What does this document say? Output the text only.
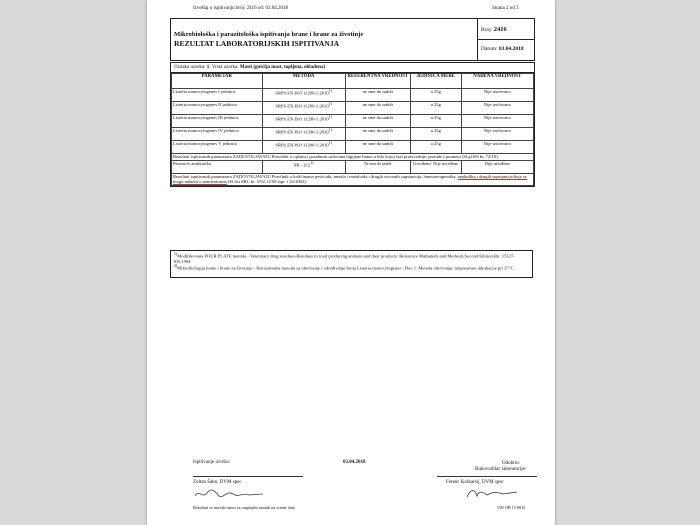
Izveštaj o ispitivanju broj: 2416 od: 03.04.2018	Strana 2 od 3
Mikrobiološka i parazitološka ispitivanja hrane i hrane za životinje
REZULTAT LABORATORIJSKIH ISPITIVANJA
Broj: 2416
Datum: 03.04.2018
Oznaka uzorka: 1; Vrsta uzorka: Masti (guščija mast, topljena, ohlađena)
PARAMETAR	METODA	REFERENTNA VREDNOST	JEDINICA MERE	NAĐENA VREDNOST
Listeria monocytogenes I jedinica	SRPS EN ISO 11290-1:2010$^{1)}$	ne sme da sadrži	u 25g	Nije izolovano
Listeria monocytogenes II jedinica	SRPS EN ISO 11290-1:2010$^{1)}$	ne sme da sadrži	u 25g	Nije izolovano
Listeria monocytogenes III jedinica	SRPS EN ISO 11290-1:2010$^{1)}$	ne sme da sadrži	u 25g	Nije izolovano
Listeria monocytogenes IV jedinica	SRPS EN ISO 11290-1:2010$^{1)}$	ne sme da sadrži	u 25g	Nije izolovano
Listeria monocytogenes V jedinica	SRPS EN ISO 11290-1:2010$^{1)}$	ne sme da sadrži	u 25g	Nije izolovano
Rezultati ispitivanih parametara ZADOVOLJAVAJU Pravilnik o opštim i posebnim uslovima higijene hrane u bilo kojoj fazi proizvodnje, prerade i prometa (Sl.gl.RS br. 72/10).				
Prisustvo antibiotika	MI - 212$^{1)}$	Ne sme da sadrži	Utvrđeno/ Nije utvrđeno	Nije utvrđeno
Rezultati ispitivanih parametara ZADOVOLJAVAJU Pravilnik o količinama pesticida, metala i metaloida i drugih otrovnih supstancija, hemioterapeutika, anabolika i drugih supstancija koje se mogu nalaziti u namirnicama (Sl.list SRJ, br. 5/92,11/92-ispr. i 32/2002).				
$^{1)}$Modifikovana FOUR PLATE metoda - Veterinary drug residues-Residues in food producing animals and their products: Reference Mathetods and Methods,Second Edition,Bir. 15127-EN,1994
$^{2)}$Mikrobiologija hrane i hrane za životinje - Horizontalna metoda za otkrivanje i određivanje broja Listeria monocytogenes - Deo 1: Metoda otkrivanja, temperatura inkubacije pri 37°C.
Ispitivanje izvršio:	03.04.2018	Odobrio:
Rukovodilac laboratorije:
Zoltan Šabo, DVM spec	Ferenc Kolkarsij, DVM spec
Rezultati se navode samo za originalni uzorak na vreme date.	VSI OB 15.08 R
